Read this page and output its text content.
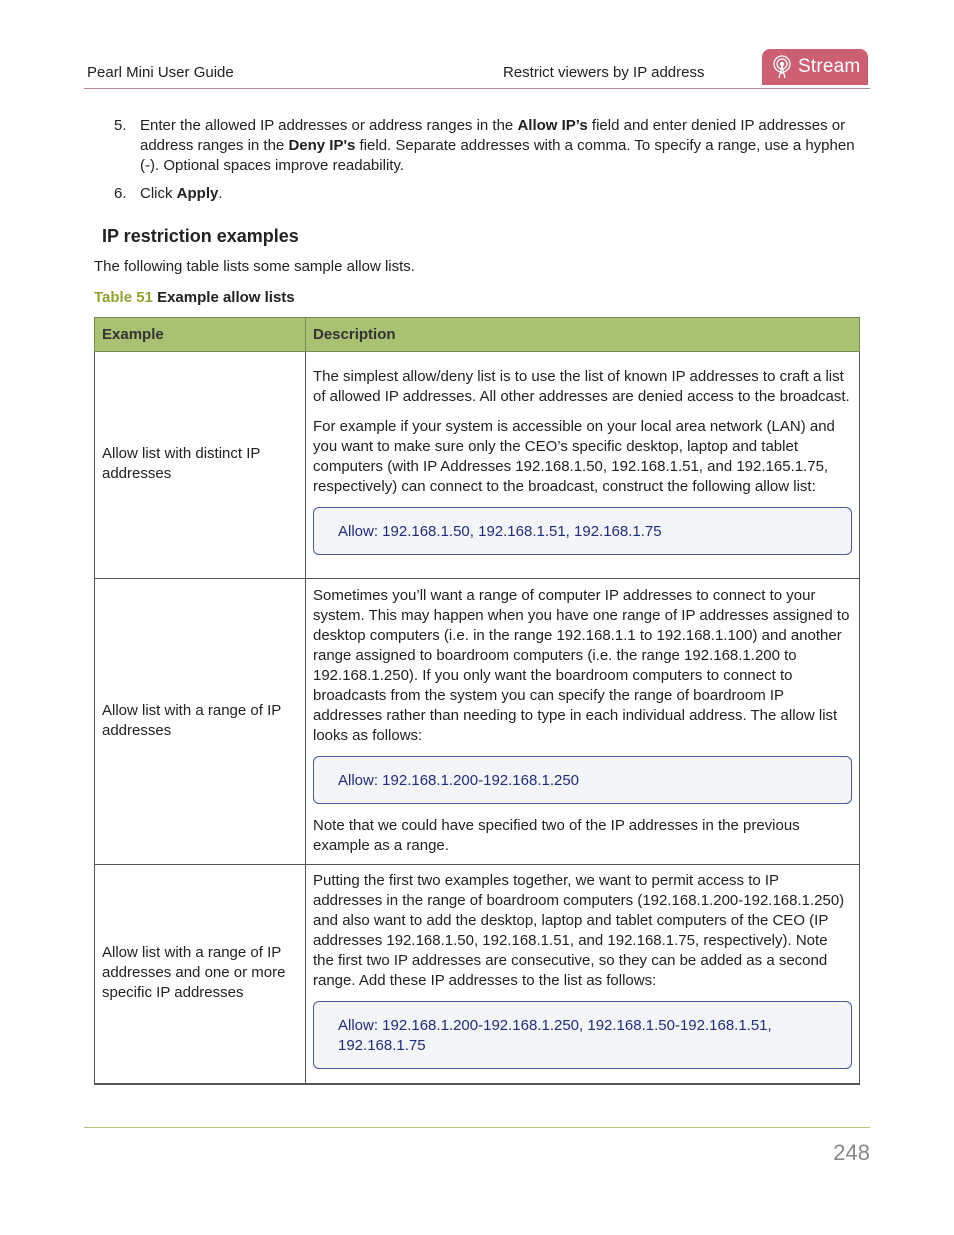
Pearl Mini User Guide	Restrict viewers by IP address	Stream
5. Enter the allowed IP addresses or address ranges in the Allow IP’s field and enter denied IP addresses or address ranges in the Deny IP's field. Separate addresses with a comma. To specify a range, use a hyphen (-). Optional spaces improve readability.
6. Click Apply.
IP restriction examples

The following table lists some sample allow lists.

Table 51 Example allow lists

Example	Description
Allow list with distinct IP addresses	The simplest allow/deny list is to use the list of known IP addresses to craft a list of allowed IP addresses. All other addresses are denied access to the broadcast.

For example if your system is accessible on your local area network (LAN) and you want to make sure only the CEO’s specific desktop, laptop and tablet computers (with IP Addresses 192.168.1.50, 192.168.1.51, and 192.165.1.75, respectively) can connect to the broadcast, construct the following allow list:

Allow: 192.168.1.50, 192.168.1.51, 192.168.1.75

Allow list with a range of IP addresses	Sometimes you’ll want a range of computer IP addresses to connect to your system. This may happen when you have one range of IP addresses assigned to desktop computers (i.e. in the range 192.168.1.1 to 192.168.1.100) and another range assigned to boardroom computers (i.e. the range 192.168.1.200 to 192.168.1.250). If you only want the boardroom computers to connect to broadcasts from the system you can specify the range of boardroom IP addresses rather than needing to type in each individual address. The allow list looks as follows:

Allow: 192.168.1.200-192.168.1.250

Note that we could have specified two of the IP addresses in the previous example as a range.

Allow list with a range of IP addresses and one or more specific IP addresses	Putting the first two examples together, we want to permit access to IP addresses in the range of boardroom computers (192.168.1.200-192.168.1.250) and also want to add the desktop, laptop and tablet computers of the CEO (IP addresses 192.168.1.50, 192.168.1.51, and 192.168.1.75, respectively). Note the first two IP addresses are consecutive, so they can be added as a second range. Add these IP addresses to the list as follows:

Allow: 192.168.1.200-192.168.1.250, 192.168.1.50-192.168.1.51, 192.168.1.75
248
